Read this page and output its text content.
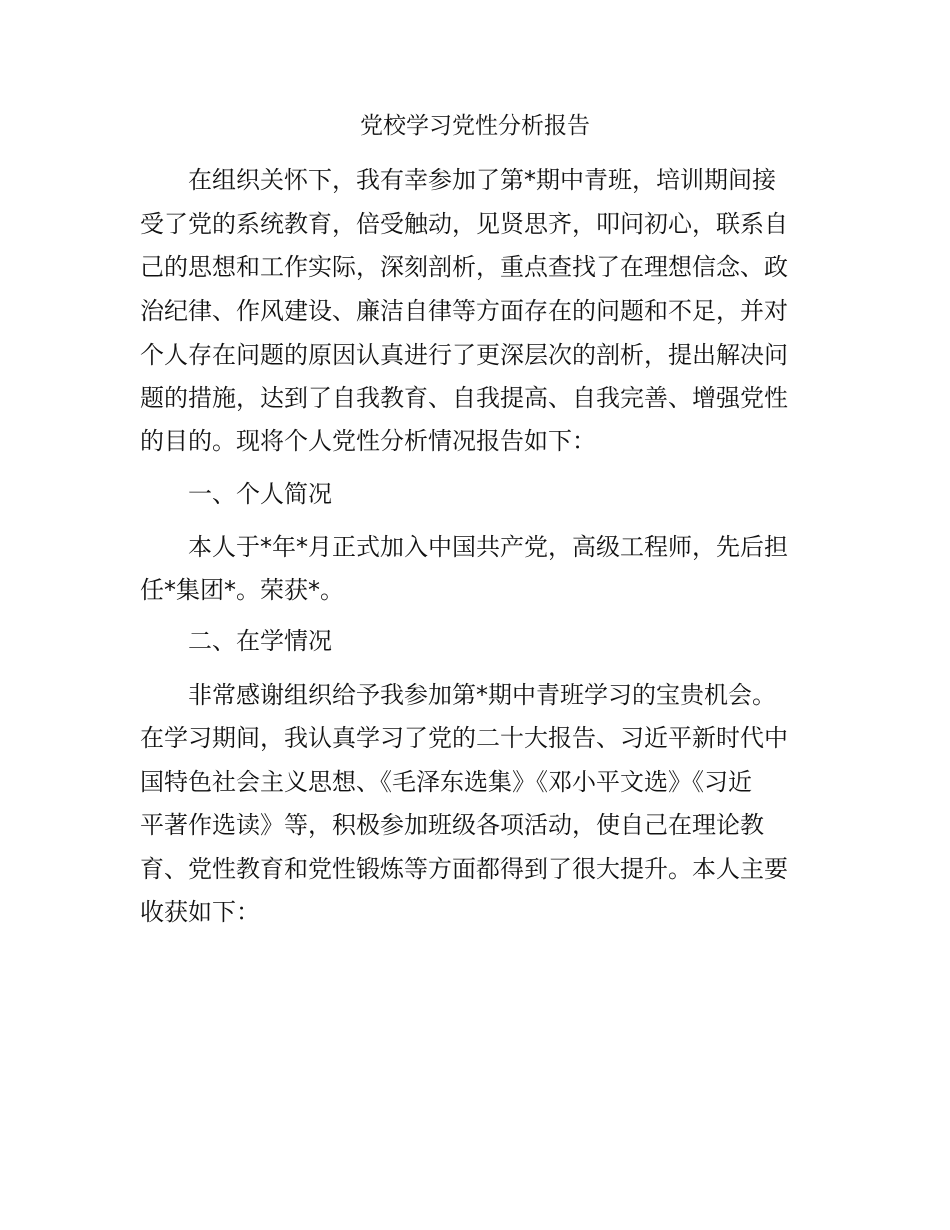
党校学习党性分析报告

在组织关怀下，我有幸参加了第*期中青班，培训期间接

受了党的系统教育，倍受触动，见贤思齐，叩问初心，联系自

己的思想和工作实际，深刻剖析，重点查找了在理想信念、政

治纪律、作风建设、廉洁自律等方面存在的问题和不足，并对

个人存在问题的原因认真进行了更深层次的剖析，提出解决问

题的措施，达到了自我教育、自我提高、自我完善、增强党性

的目的。现将个人党性分析情况报告如下：

一、个人简况

本人于*年*月正式加入中国共产党，高级工程师，先后担

任*集团*。荣获*。

二、在学情况

非常感谢组织给予我参加第*期中青班学习的宝贵机会。

在学习期间，我认真学习了党的二十大报告、习近平新时代中

国特色社会主义思想、《毛泽东选集》《邓小平文选》《习近

平著作选读》等，积极参加班级各项活动，使自己在理论教

育、党性教育和党性锻炼等方面都得到了很大提升。本人主要

收获如下：
